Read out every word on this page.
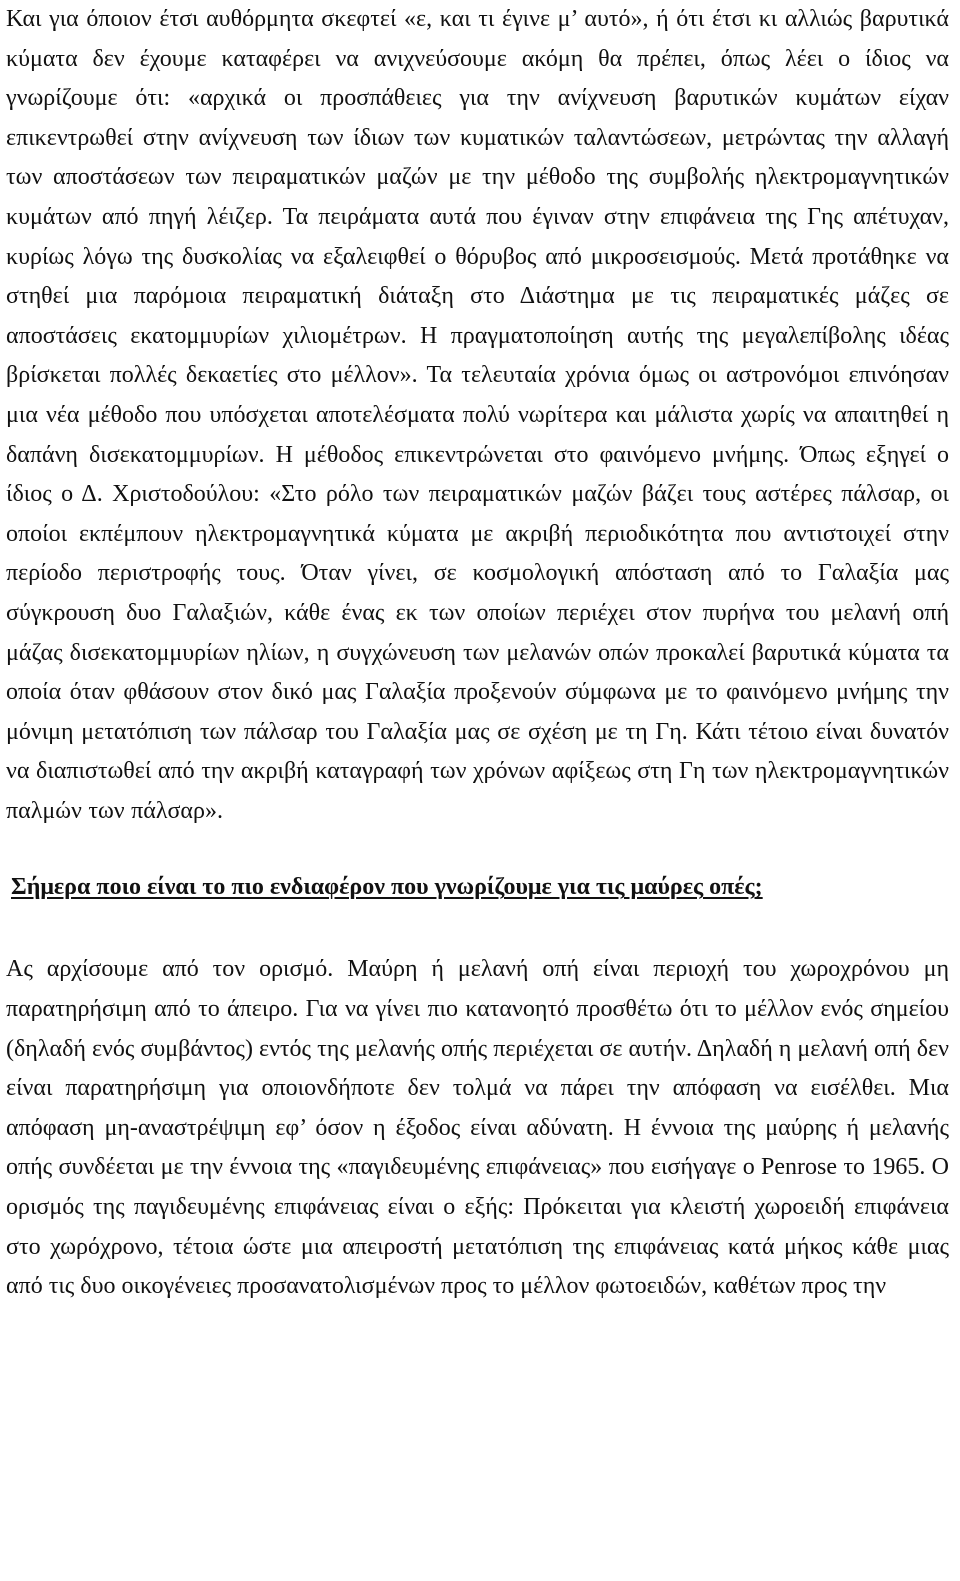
Και για όποιον έτσι αυθόρμητα σκεφτεί «ε, και τι έγινε μ’ αυτό», ή ότι έτσι κι αλλιώς βαρυτικά κύματα δεν έχουμε καταφέρει να ανιχνεύσουμε ακόμη θα πρέπει, όπως λέει ο ίδιος να γνωρίζουμε ότι: «αρχικά οι προσπάθειες για την ανίχνευση βαρυτικών κυμάτων είχαν επικεντρωθεί στην ανίχνευση των ίδιων των κυματικών ταλαντώσεων, μετρώντας την αλλαγή των αποστάσεων των πειραματικών μαζών με την μέθοδο της συμβολής ηλεκτρομαγνητικών κυμάτων από πηγή λέιζερ. Τα πειράματα αυτά που έγιναν στην επιφάνεια της Γης απέτυχαν, κυρίως λόγω της δυσκολίας να εξαλειφθεί ο θόρυβος από μικροσεισμούς. Μετά προτάθηκε να στηθεί μια παρόμοια πειραματική διάταξη στο Διάστημα με τις πειραματικές μάζες σε αποστάσεις εκατομμυρίων χιλιομέτρων. Η πραγματοποίηση αυτής της μεγαλεπίβολης ιδέας βρίσκεται πολλές δεκαετίες στο μέλλον». Τα τελευταία χρόνια όμως οι αστρονόμοι επινόησαν μια νέα μέθοδο που υπόσχεται αποτελέσματα πολύ νωρίτερα και μάλιστα χωρίς να απαιτηθεί η δαπάνη δισεκατομμυρίων. Η μέθοδος επικεντρώνεται στο φαινόμενο μνήμης. Όπως εξηγεί ο ίδιος ο Δ. Χριστοδούλου: «Στο ρόλο των πειραματικών μαζών βάζει τους αστέρες πάλσαρ, οι οποίοι εκπέμπουν ηλεκτρομαγνητικά κύματα με ακριβή περιοδικότητα που αντιστοιχεί στην περίοδο περιστροφής τους. Όταν γίνει, σε κοσμολογική απόσταση από το Γαλαξία μας σύγκρουση δυο Γαλαξιών, κάθε ένας εκ των οποίων περιέχει στον πυρήνα του μελανή οπή μάζας δισεκατομμυρίων ηλίων, η συγχώνευση των μελανών οπών προκαλεί βαρυτικά κύματα τα οποία όταν φθάσουν στον δικό μας Γαλαξία προξενούν σύμφωνα με το φαινόμενο μνήμης την μόνιμη μετατόπιση των πάλσαρ του Γαλαξία μας σε σχέση με τη Γη. Κάτι τέτοιο είναι δυνατόν να διαπιστωθεί από την ακριβή καταγραφή των χρόνων αφίξεως στη Γη των ηλεκτρομαγνητικών παλμών των πάλσαρ».

Σήμερα ποιο είναι το πιο ενδιαφέρον που γνωρίζουμε για τις μαύρες οπές;

Ας αρχίσουμε από τον ορισμό. Μαύρη ή μελανή οπή είναι περιοχή του χωροχρόνου μη παρατηρήσιμη από το άπειρο. Για να γίνει πιο κατανοητό προσθέτω ότι το μέλλον ενός σημείου (δηλαδή ενός συμβάντος) εντός της μελανής οπής περιέχεται σε αυτήν. Δηλαδή η μελανή οπή δεν είναι παρατηρήσιμη για οποιονδήποτε δεν τολμά να πάρει την απόφαση να εισέλθει. Μια απόφαση μη-αναστρέψιμη εφ’ όσον η έξοδος είναι αδύνατη. Η έννοια της μαύρης ή μελανής οπής συνδέεται με την έννοια της «παγιδευμένης επιφάνειας» που εισήγαγε ο Penrose το 1965. Ο ορισμός της παγιδευμένης επιφάνειας είναι ο εξής: Πρόκειται για κλειστή χωροειδή επιφάνεια στο χωρόχρονο, τέτοια ώστε μια απειροστή μετατόπιση της επιφάνειας κατά μήκος κάθε μιας από τις δυο οικογένειες προσανατολισμένων προς το μέλλον φωτοειδών, καθέτων προς την
